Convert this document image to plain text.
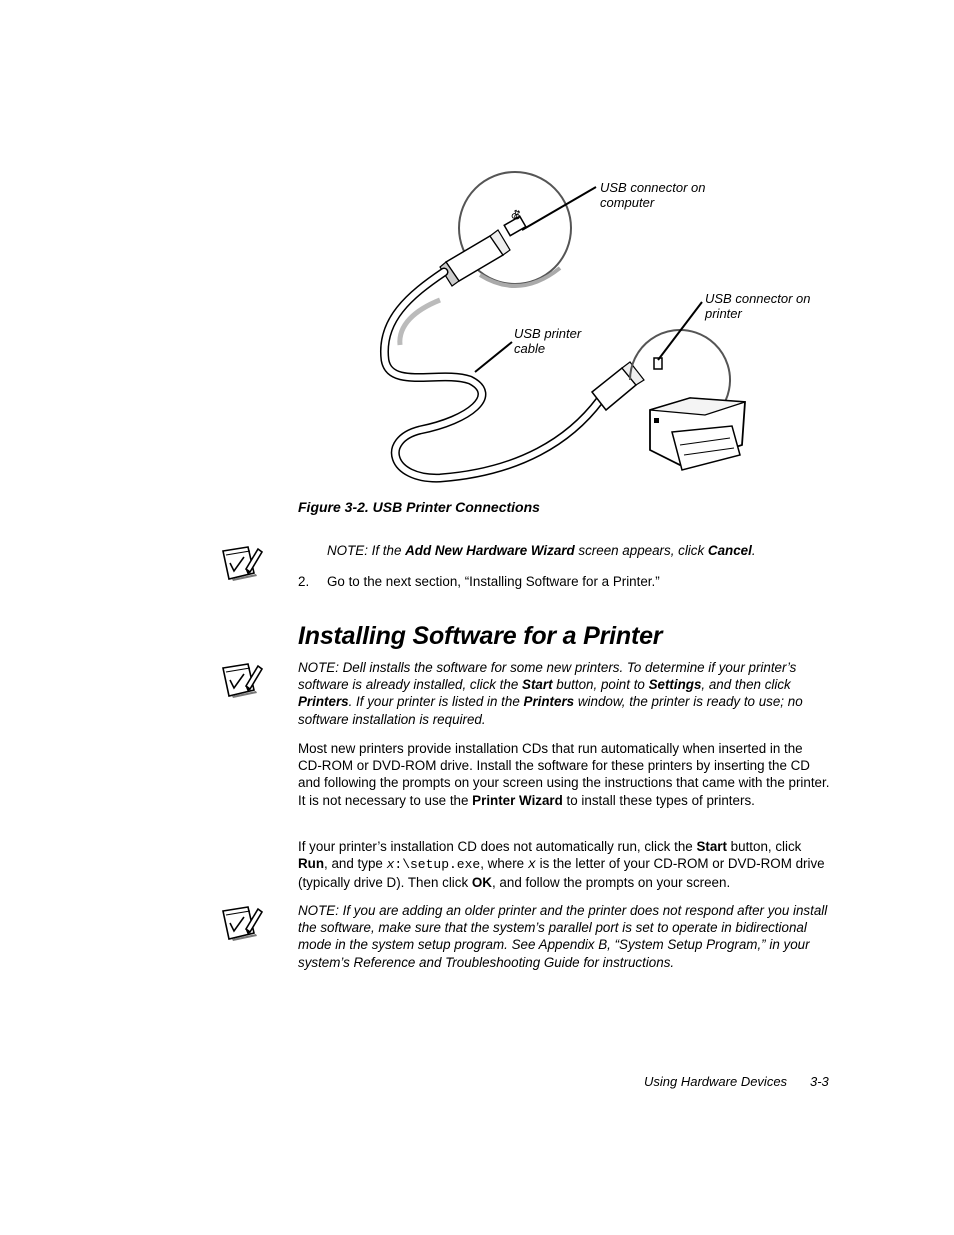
⚣
USB connector on
computer
USB connector on
printer
USB printer
cable
Figure 3-2. USB Printer Connections
NOTE: If the Add New Hardware Wizard screen appears, click Cancel.
2. Go to the next section, “Installing Software for a Printer.”
Installing Software for a Printer
NOTE: Dell installs the software for some new printers. To determine if your printer’s software is already installed, click the Start button, point to Settings, and then click Printers. If your printer is listed in the Printers window, the printer is ready to use; no software installation is required.
Most new printers provide installation CDs that run automatically when inserted in the CD-ROM or DVD-ROM drive. Install the software for these printers by inserting the CD and following the prompts on your screen using the instructions that came with the printer. It is not necessary to use the Printer Wizard to install these types of printers.
If your printer’s installation CD does not automatically run, click the Start button, click Run, and type x:\setup.exe, where x is the letter of your CD-ROM or DVD-ROM drive (typically drive D). Then click OK, and follow the prompts on your screen.
NOTE: If you are adding an older printer and the printer does not respond after you install the software, make sure that the system’s parallel port is set to operate in bidirectional mode in the system setup program. See Appendix B, “System Setup Program,” in your system’s Reference and Troubleshooting Guide for instructions.
Using Hardware Devices 3-3
